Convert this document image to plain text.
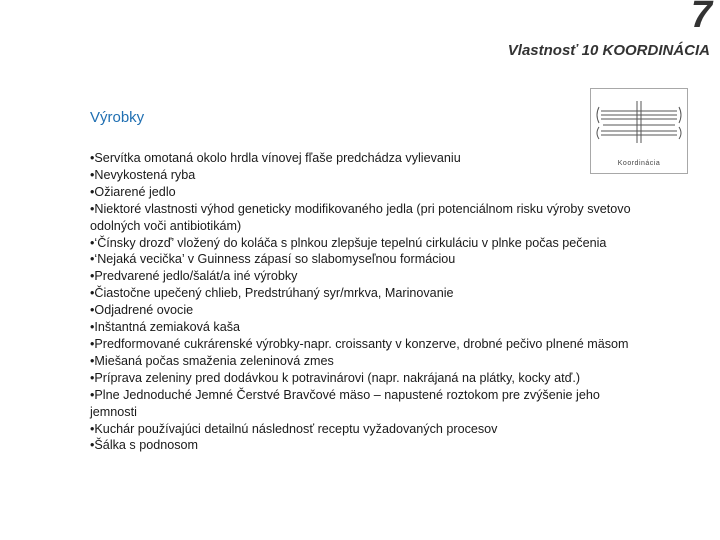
7
Vlastnosť 10 KOORDINÁCIA
Výrobky
Koordinácia
•Servítka omotaná okolo hrdla vínovej fľaše predchádza vylievaniu
•Nevykostená ryba
•Ožiarené jedlo
•Niektoré vlastnosti výhod geneticky modifikovaného jedla (pri potenciálnom risku výroby svetovo odolných voči antibiotikám)
•‘Čínsky drozď’ vložený do koláča s plnkou zlepšuje tepelnú cirkuláciu v plnke počas pečenia
•‘Nejaká vecička’ v Guinness zápasí so slabomyseľnou formáciou
•Predvarené jedlo/šalát/a iné výrobky
•Čiastočne upečený chlieb, Predstrúhaný syr/mrkva, Marinovanie
•Odjadrené ovocie
•Inštantná zemiaková kaša
•Predformované cukrárenské výrobky-napr. croissanty v konzerve, drobné pečivo plnené mäsom
•Miešaná počas smaženia zeleninová zmes
•Príprava zeleniny pred dodávkou k potravinárovi (napr. nakrájaná na plátky, kocky atď.)
•Plne Jednoduché Jemné Čerstvé Bravčové mäso – napustené roztokom pre zvýšenie jeho jemnosti
•Kuchár používajúci detailnú následnosť receptu vyžadovaných procesov
•Šálka s podnosom
